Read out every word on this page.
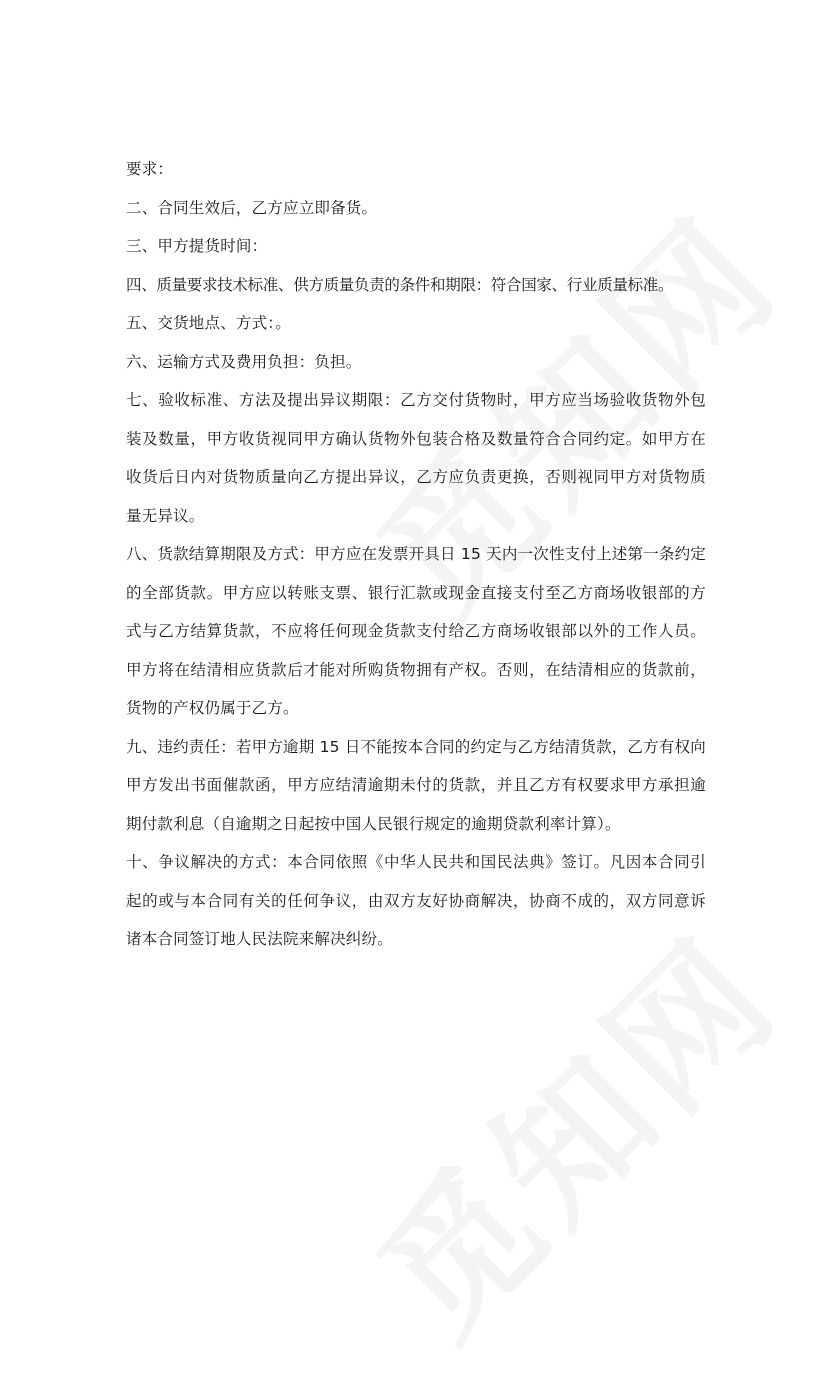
要求：

二、合同生效后，乙方应立即备货。

三、甲方提货时间：

四、质量要求技术标准、供方质量负责的条件和期限：符合国家、行业质量标准。

五、交货地点、方式：。

六、运输方式及费用负担：负担。

七、验收标准、方法及提出异议期限：乙方交付货物时，甲方应当场验收货物外包装及数量，甲方收货视同甲方确认货物外包装合格及数量符合合同约定。如甲方在收货后日内对货物质量向乙方提出异议，乙方应负责更换，否则视同甲方对货物质量无异议。

八、货款结算期限及方式：甲方应在发票开具日 15 天内一次性支付上述第一条约定的全部货款。甲方应以转账支票、银行汇款或现金直接支付至乙方商场收银部的方式与乙方结算货款，不应将任何现金货款支付给乙方商场收银部以外的工作人员。甲方将在结清相应货款后才能对所购货物拥有产权。否则，在结清相应的货款前，货物的产权仍属于乙方。

九、违约责任：若甲方逾期 15 日不能按本合同的约定与乙方结清货款，乙方有权向甲方发出书面催款函，甲方应结清逾期未付的货款，并且乙方有权要求甲方承担逾期付款利息（自逾期之日起按中国人民银行规定的逾期贷款利率计算）。

十、争议解决的方式：本合同依照《中华人民共和国民法典》签订。凡因本合同引起的或与本合同有关的任何争议，由双方友好协商解决，协商不成的，双方同意诉诸本合同签订地人民法院来解决纠纷。
